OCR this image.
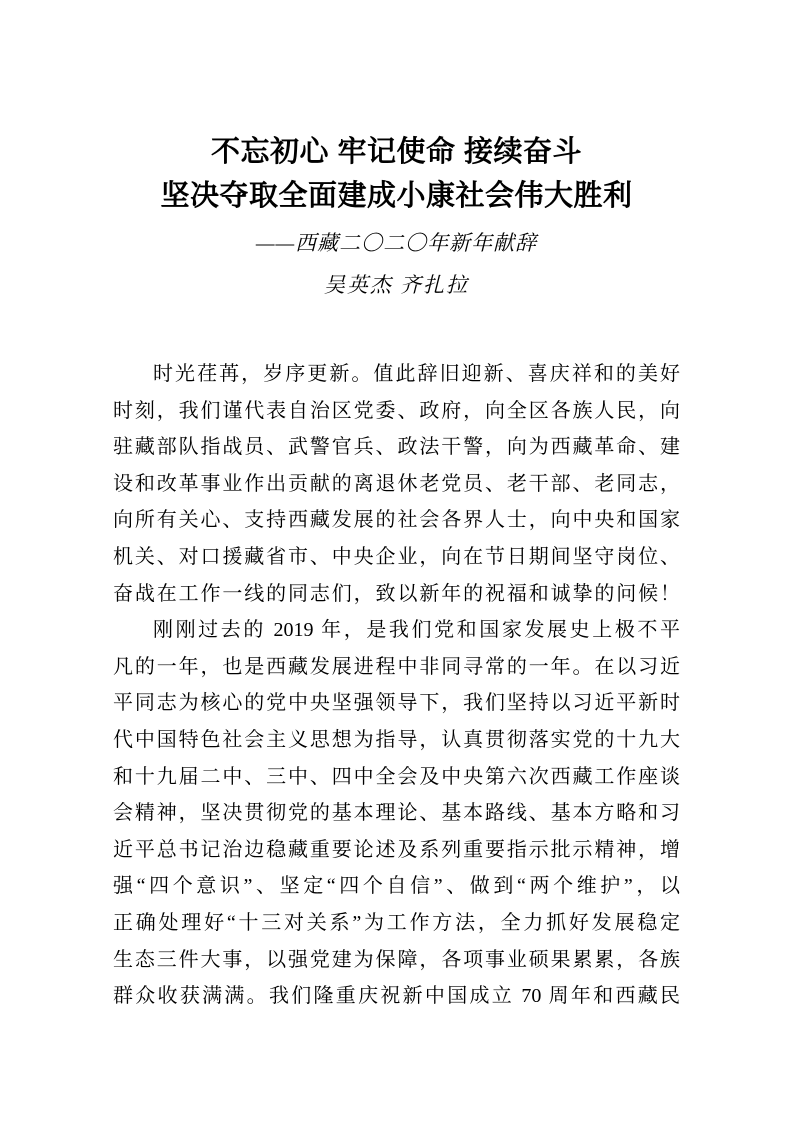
不忘初心 牢记使命 接续奋斗
坚决夺取全面建成小康社会伟大胜利
——西藏二〇二〇年新年献辞
吴英杰 齐扎拉
时光荏苒，岁序更新。值此辞旧迎新、喜庆祥和的美好
时刻，我们谨代表自治区党委、政府，向全区各族人民，向
驻藏部队指战员、武警官兵、政法干警，向为西藏革命、建
设和改革事业作出贡献的离退休老党员、老干部、老同志，
向所有关心、支持西藏发展的社会各界人士，向中央和国家
机关、对口援藏省市、中央企业，向在节日期间坚守岗位、
奋战在工作一线的同志们，致以新年的祝福和诚挚的问候！
刚刚过去的 2019 年，是我们党和国家发展史上极不平
凡的一年，也是西藏发展进程中非同寻常的一年。在以习近
平同志为核心的党中央坚强领导下，我们坚持以习近平新时
代中国特色社会主义思想为指导，认真贯彻落实党的十九大
和十九届二中、三中、四中全会及中央第六次西藏工作座谈
会精神，坚决贯彻党的基本理论、基本路线、基本方略和习
近平总书记治边稳藏重要论述及系列重要指示批示精神，增
强“四个意识”、坚定“四个自信”、做到“两个维护”，以
正确处理好“十三对关系”为工作方法，全力抓好发展稳定
生态三件大事，以强党建为保障，各项事业硕果累累，各族
群众收获满满。我们隆重庆祝新中国成立 70 周年和西藏民
